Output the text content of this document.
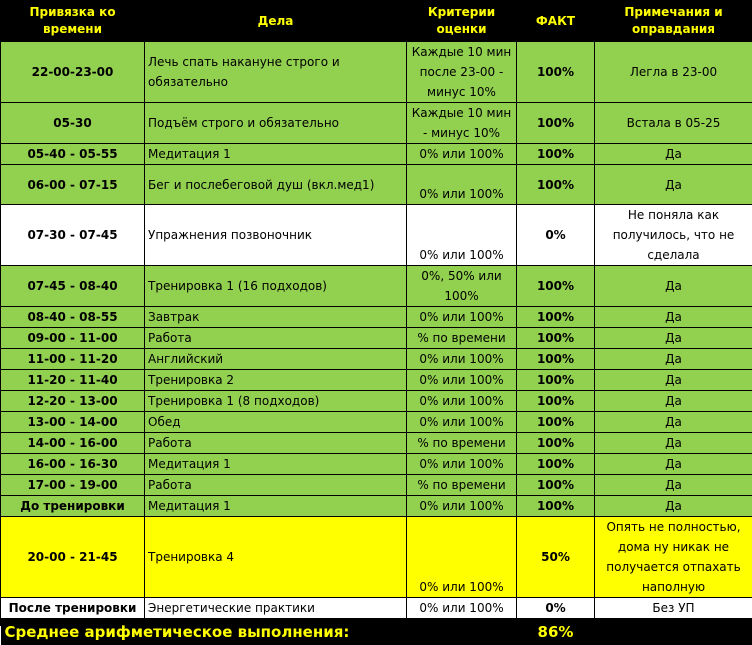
Привязка ко времени	Дела	Критерии оценки	ФАКТ	Примечания и оправдания
22-00-23-00	Лечь спать накануне строго и обязательно	Каждые 10 мин после 23-00 - минус 10%	100%	Легла в 23-00
05-30	Подъём строго и обязательно	Каждые 10 мин - минус 10%	100%	Встала в 05-25
05-40 - 05-55	Медитация 1	0% или 100%	100%	Да
06-00 - 07-15	Бег и послебеговой душ (вкл.мед1)	0% или 100%	100%	Да
07-30 - 07-45	Упражнения позвоночник	0% или 100%	0%	Не поняла как получилось, что не сделала
07-45 - 08-40	Тренировка 1 (16 подходов)	0%, 50% или 100%	100%	Да
08-40 - 08-55	Завтрак	0% или 100%	100%	Да
09-00 - 11-00	Работа	% по времени	100%	Да
11-00 - 11-20	Английский	0% или 100%	100%	Да
11-20 - 11-40	Тренировка 2	0% или 100%	100%	Да
12-20 - 13-00	Тренировка 1 (8 подходов)	0% или 100%	100%	Да
13-00 - 14-00	Обед	0% или 100%	100%	Да
14-00 - 16-00	Работа	% по времени	100%	Да
16-00 - 16-30	Медитация 1	0% или 100%	100%	Да
17-00 - 19-00	Работа	% по времени	100%	Да
До тренировки	Медитация 1	0% или 100%	100%	Да
20-00 - 21-45	Тренировка 4	0% или 100%	50%	Опять не полностью, дома ну никак не получается отпахать наполную
После тренировки	Энергетические практики	0% или 100%	0%	Без УП
Среднее арифметическое выполнения:			86%	
